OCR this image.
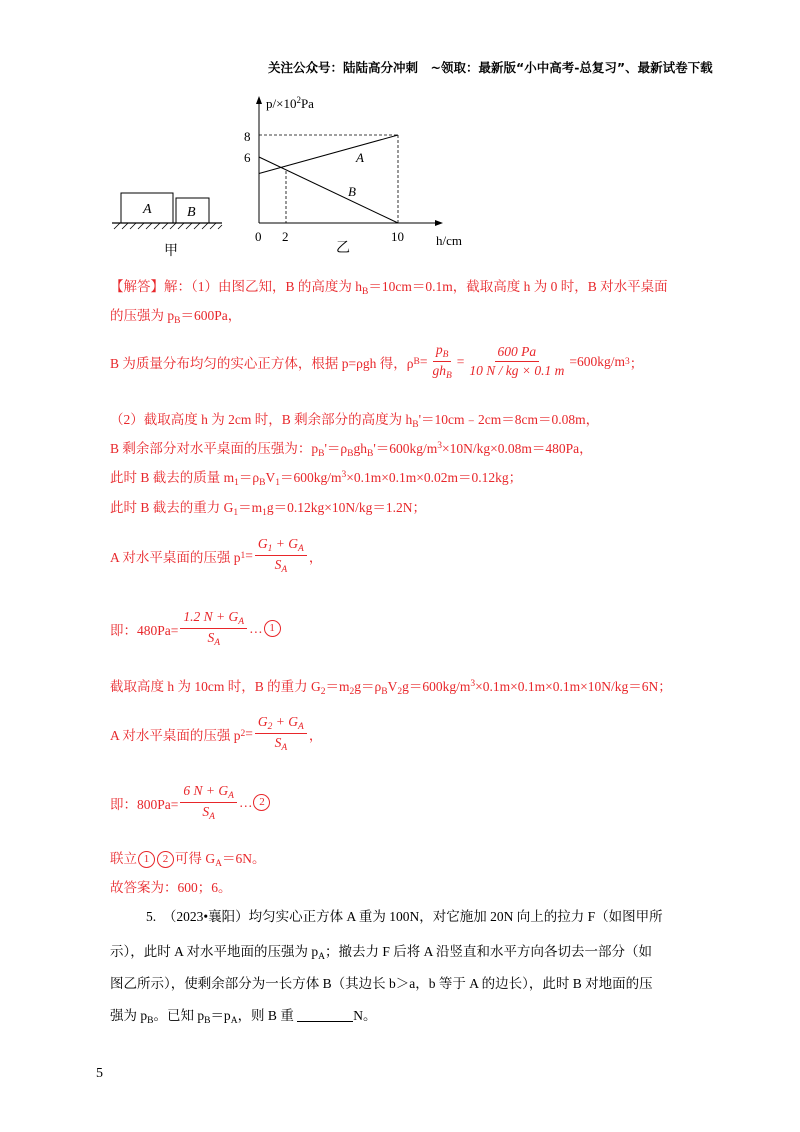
关注公众号：陆陆高分冲刺　~领取：最新版“小中高考-总复习”、最新试卷下载
A	B
甲
$p/\times 10^2Pa$
8
6
0 2	10 h/cm
乙
A
B
【解答】解：（1）由图乙知，B 的高度为 $h_B=10cm=0.1m$，截取高度 h 为 0 时，B 对水平桌面
的压强为 $p_B=600Pa$，
B 为质量分布均匀的实心正方体，根据 p=ρgh 得，ρ $B = \frac{p_B}{gh_B} = \frac{600 Pa}{10 N / kg \times 0.1 m} =600kg/m$ 3 ；
（2）截取高度 h 为 2cm 时，B 剩余部分的高度为 $h_B'=10cm﹣2cm=8cm=0.08m$，
B 剩余部分对水平桌面的压强为：$p_B'=\rho_Bgh_B'=600kg/m^3\times 10N/kg\times 0.08m=480Pa$，
此时 B 截去的质量 $m_1=\rho_BV_1=600kg/m^3\times 0.1m\times 0.1m\times 0.02m=0.12kg$；
此时 B 截去的重力 $G_1=m_1g=0.12kg\times 10N/kg=1.2N$；
A 对水平桌面的压强 p $1 = \frac{G_1 + G_A}{S_A}$ ，
即：$480Pa= \frac{1.2 N + G_A}{S_A}$ … 1
截取高度 h 为 10cm 时，B 的重力 $G_2=m_2g=\rho_BV_2g=600kg/m^3\times 0.1m\times 0.1m\times 0.1m\times 10N/kg=6N$；
A 对水平桌面的压强 p $2 = \frac{G_2 + G_A}{S_A}$ ，
即：$800Pa= \frac{6 N + G_A}{S_A}$ … 2
联立 1 2 可得 $G_A=6N$。
故答案为：600；6。
5.　（2023•襄阳）均匀实心正方体 A 重为 100N，对它施加 20N 向上的拉力 F（如图甲所
示），此时 A 对水平地面的压强为 $p_A$；撤去力 F 后将 A 沿竖直和水平方向各切去一部分（如
图乙所示），使剩余部分为一长方体 B（其边长 b＞a，b 等于 A 的边长），此时 B 对地面的压
强为 $p_B$。已知 $p_B=p_A$，则 B 重	N。
5
